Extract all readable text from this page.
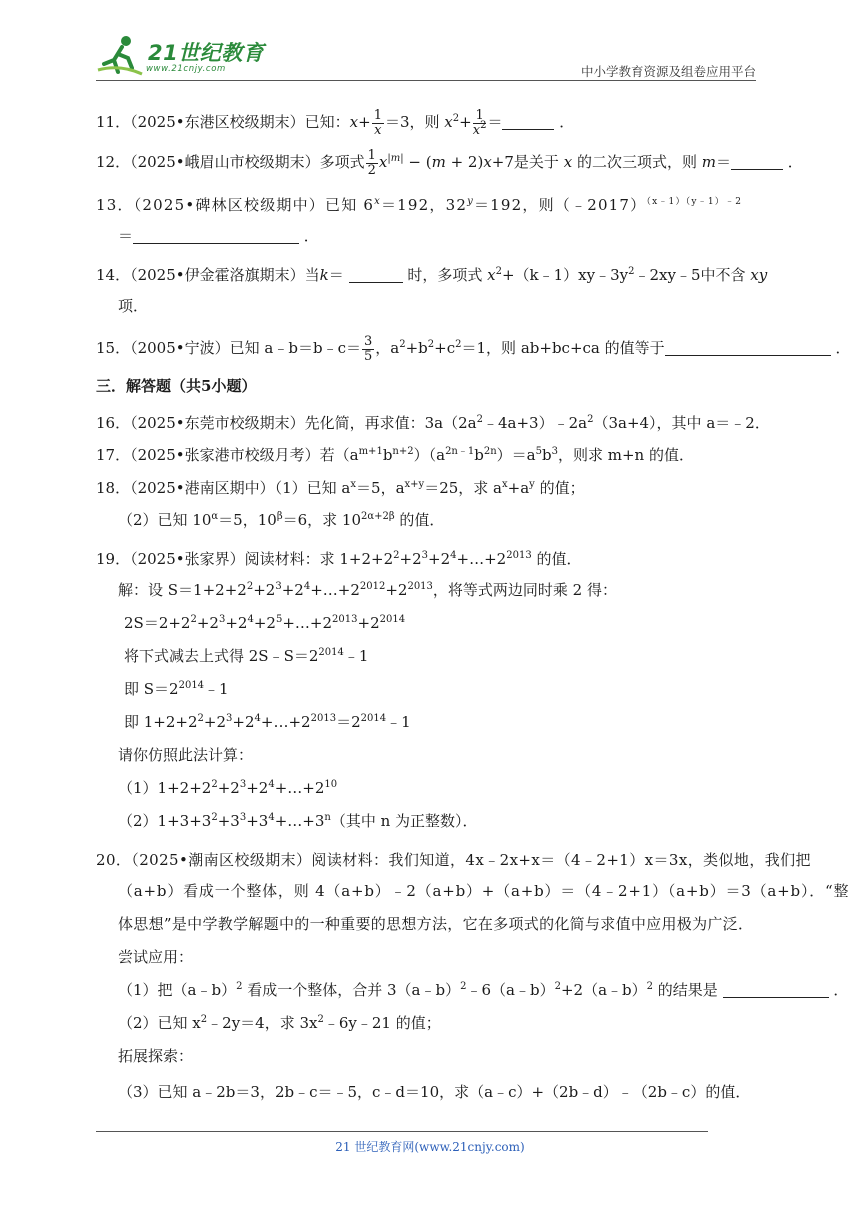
21世纪教育
www.21cnjy.com	中小学教育资源及组卷应用平台
11．（2025•东港区校级期末）已知：$x+ \frac{1}{x} =3$，则 $x^2+ \frac{1}{x^2}$ ＝	．
12．（2025•峨眉山市校级期末）多项式 $\frac{1}{2} x^{|m|} - (m + 2)x+7$是关于 x 的二次三项式，则 m＝	．
13．（2025•碑林区校级期中）已知 $6^x=192$，$32^y=192$，则（﹣2017）$^{(x﹣1)(y﹣1)﹣2}$
＝	．
14．（2025•伊金霍洛旗期末）当k＝	时，多项式 $x^2+(k﹣1)xy﹣3y^2﹣2xy﹣5$中不含 xy
项．
15．（2005•宁波）已知 a﹣b＝b﹣c＝ $\frac{3}{5}$ ，$a^2+b^2+c^2=1$，则 ab+bc+ca 的值等于	．
三．解答题（共5小题）
16．（2025•东莞市校级期末）先化简，再求值：$3a(2a^2﹣4a+3)﹣2a^2(3a+4)$，其中 a＝﹣2．
17．（2025•张家港市校级月考）若$(a^{m+1}b^{n+2})(a^{2n﹣1}b^{2n})=a^5b^3$，则求 m+n 的值．
18．（2025•港南区期中）（1）已知 $a^x=5$，$a^{x+y}=25$，求 $a^x+a^y$ 的值；
（2）已知 $10^\alpha=5$，$10^\beta=6$，求 $10^{2\alpha+2\beta}$ 的值．
19．（2025•张家界）阅读材料：求 $1+2+2^2+2^3+2^4+\dots+2^{2013}$ 的值．
解：设 $S=1+2+2^2+2^3+2^4+\dots+2^{2012}+2^{2013}$，将等式两边同时乘 2 得：
$2S=2+2^2+2^3+2^4+2^5+\dots+2^{2013}+2^{2014}$
将下式减去上式得 $2S﹣S=2^{2014}﹣1$
即 $S=2^{2014}﹣1$
即 $1+2+2^2+2^3+2^4+\dots+2^{2013}=2^{2014}﹣1$
请你仿照此法计算：
$(1)1+2+2^2+2^3+2^4+\dots+2^{10}$
$(2)1+3+3^2+3^3+3^4+\dots+3^n$（其中 n 为正整数）．
20．（2025•潮南区校级期末）阅读材料：我们知道，4x﹣2x+x＝（4﹣2+1）x＝3x，类似地，我们把
（a+b）看成一个整体，则 4（a+b）﹣2（a+b）+（a+b）＝（4﹣2+1）（a+b）＝3（a+b）．“整
体思想”是中学教学解题中的一种重要的思想方法，它在多项式的化简与求值中应用极为广泛．
尝试应用：
（1）把（a﹣b）$^2$ 看成一个整体，合并 3（a﹣b）$^2$﹣6（a﹣b）$^2$+2（a﹣b）$^2$ 的结果是	．
（2）已知 $x^2﹣2y=4$，求 $3x^2﹣6y﹣21$ 的值；
拓展探索：
（3）已知 a﹣2b＝3，2b﹣c＝﹣5，c﹣d＝10，求（a﹣c）+（2b﹣d）﹣（2b﹣c）的值．
21 世纪教育网(www.21cnjy.com)
